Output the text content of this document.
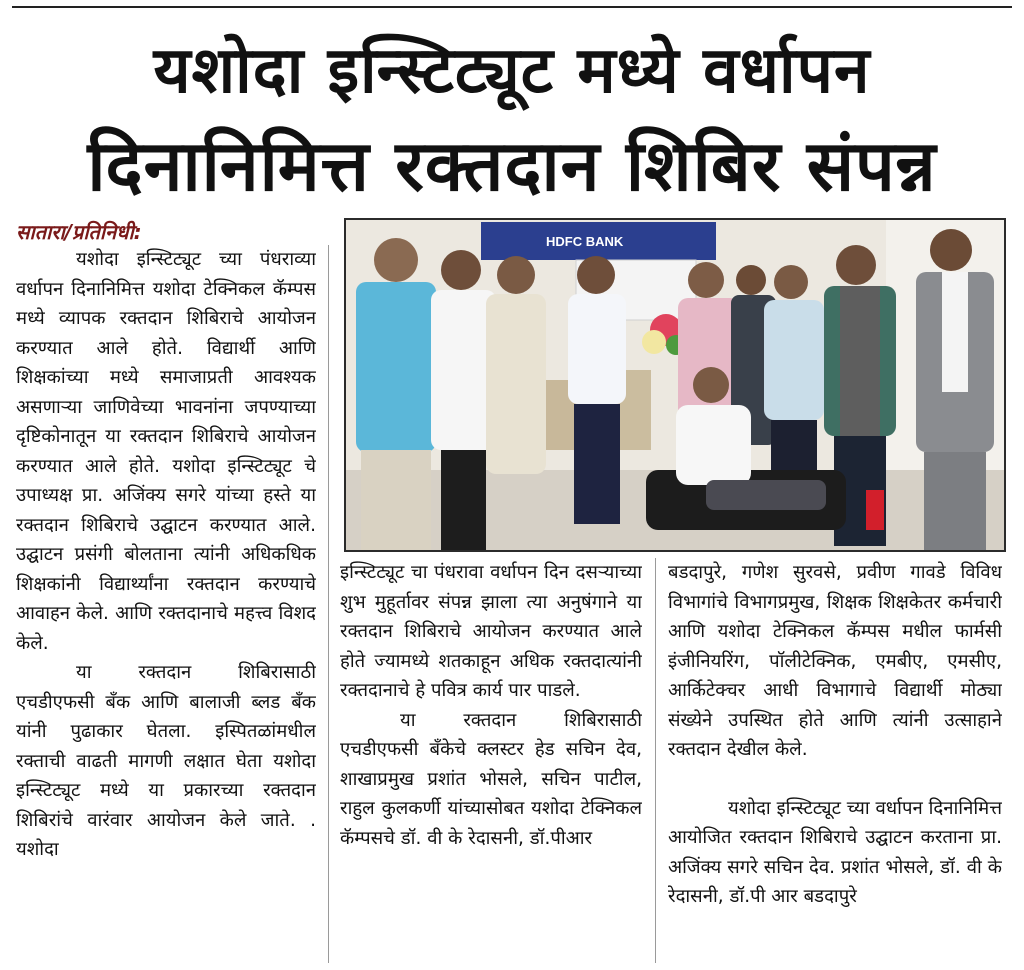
यशोदा इन्स्टिट्यूट मध्ये वर्धापन
दिनानिमित्त रक्तदान शिबिर संपन्न
सातारा/प्रतिनिधी:

यशोदा इन्स्टिट्यूट च्या पंधराव्या वर्धापन दिनानिमित्त यशोदा टेक्निकल कॅम्पस मध्ये व्यापक रक्तदान शिबिराचे आयोजन करण्यात आले होते. विद्यार्थी आणि शिक्षकांच्या मध्ये समाजाप्रती आवश्यक असणाऱ्या जाणिवेच्या भावनांना जपण्याच्या दृष्टिकोनातून या रक्तदान शिबिराचे आयोजन करण्यात आले होते. यशोदा इन्स्टिट्यूट चे उपाध्यक्ष प्रा. अजिंक्य सगरे यांच्या हस्ते या रक्तदान शिबिराचे उद्घाटन करण्यात आले. उद्घाटन प्रसंगी बोलताना त्यांनी अधिकधिक शिक्षकांनी विद्यार्थ्यांना रक्तदान करण्याचे आवाहन केले. आणि रक्तदानाचे महत्त्व विशद केले.

या रक्तदान शिबिरासाठी एचडीएफसी बँक आणि बालाजी ब्लड बँक यांनी पुढाकार घेतला. इस्पितळांमधील रक्ताची वाढती मागणी लक्षात घेता यशोदा इन्स्टिट्यूट मध्ये या प्रकारच्या रक्तदान शिबिरांचे वारंवार आयोजन केले जाते. . यशोदा

HDFC BANK

इन्स्टिट्यूट चा पंधरावा वर्धापन दिन दसऱ्याच्या शुभ मुहूर्तावर संपन्न झाला त्या अनुषंगाने या रक्तदान शिबिराचे आयोजन करण्यात आले होते ज्यामध्ये शतकाहून अधिक रक्तदात्यांनी रक्तदानाचे हे पवित्र कार्य पार पाडले.

या रक्तदान शिबिरासाठी एचडीएफसी बँकेचे क्लस्टर हेड सचिन देव, शाखाप्रमुख प्रशांत भोसले, सचिन पाटील, राहुल कुलकर्णी यांच्यासोबत यशोदा टेक्निकल कॅम्पसचे डॉ. वी के रेदासनी, डॉ.पीआर

बडदापुरे, गणेश सुरवसे, प्रवीण गावडे विविध विभागांचे विभागप्रमुख, शिक्षक शिक्षकेतर कर्मचारी आणि यशोदा टेक्निकल कॅम्पस मधील फार्मसी इंजीनियरिंग, पॉलीटेक्निक, एमबीए, एमसीए, आर्किटेक्चर आधी विभागाचे विद्यार्थी मोठ्या संख्येने उपस्थित होते आणि त्यांनी उत्साहाने रक्तदान देखील केले.

यशोदा इन्स्टिट्यूट च्या वर्धापन दिनानिमित्त आयोजित रक्तदान शिबिराचे उद्घाटन करताना प्रा. अजिंक्य सगरे सचिन देव. प्रशांत भोसले, डॉ. वी के रेदासनी, डॉ.पी आर बडदापुरे
